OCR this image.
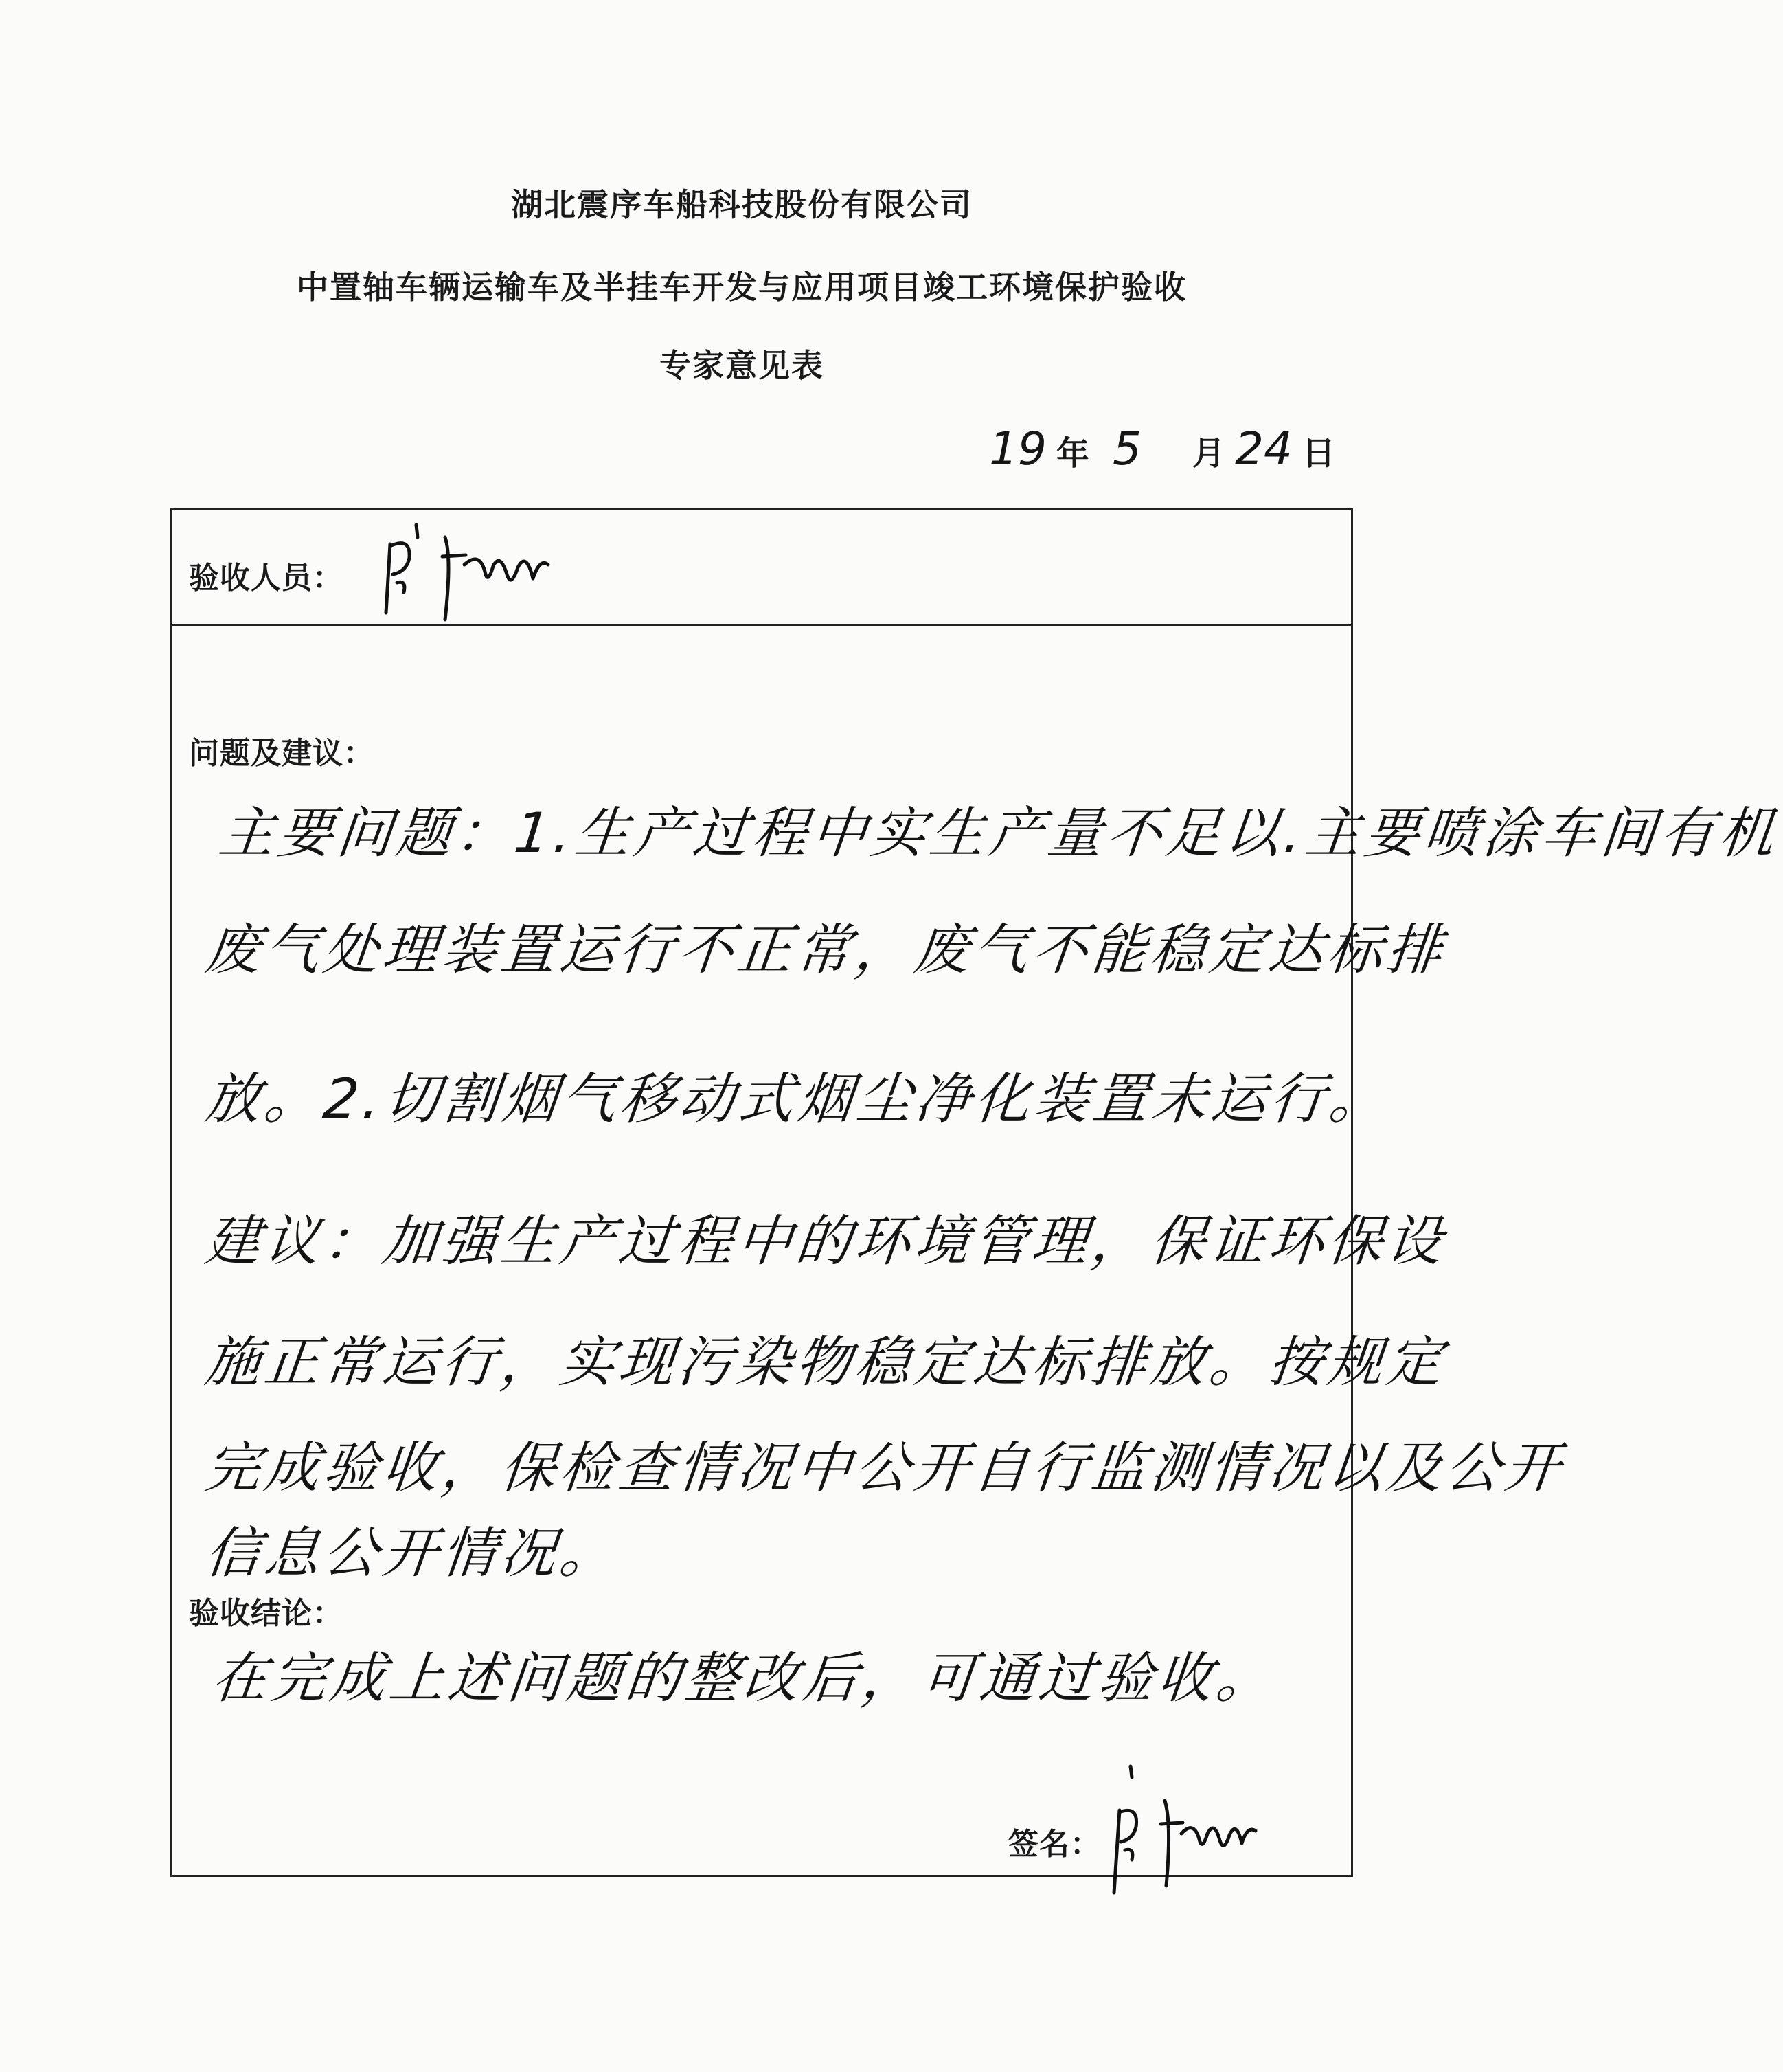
湖北震序车船科技股份有限公司
中置轴车辆运输车及半挂车开发与应用项目竣工环境保护验收
专家意见表
19 年 5 月 24 日
验收人员：
问题及建议：
主要问题：1.生产过程中实生产量不足以.主要喷涂车间有机
废气处理装置运行不正常，废气不能稳定达标排
放。2.切割烟气移动式烟尘净化装置未运行。
建议：加强生产过程中的环境管理，保证环保设
施正常运行，实现污染物稳定达标排放。按规定
完成验收，保检查情况中公开自行监测情况以及公开
信息公开情况。
验收结论：
在完成上述问题的整改后，可通过验收。
签名：
